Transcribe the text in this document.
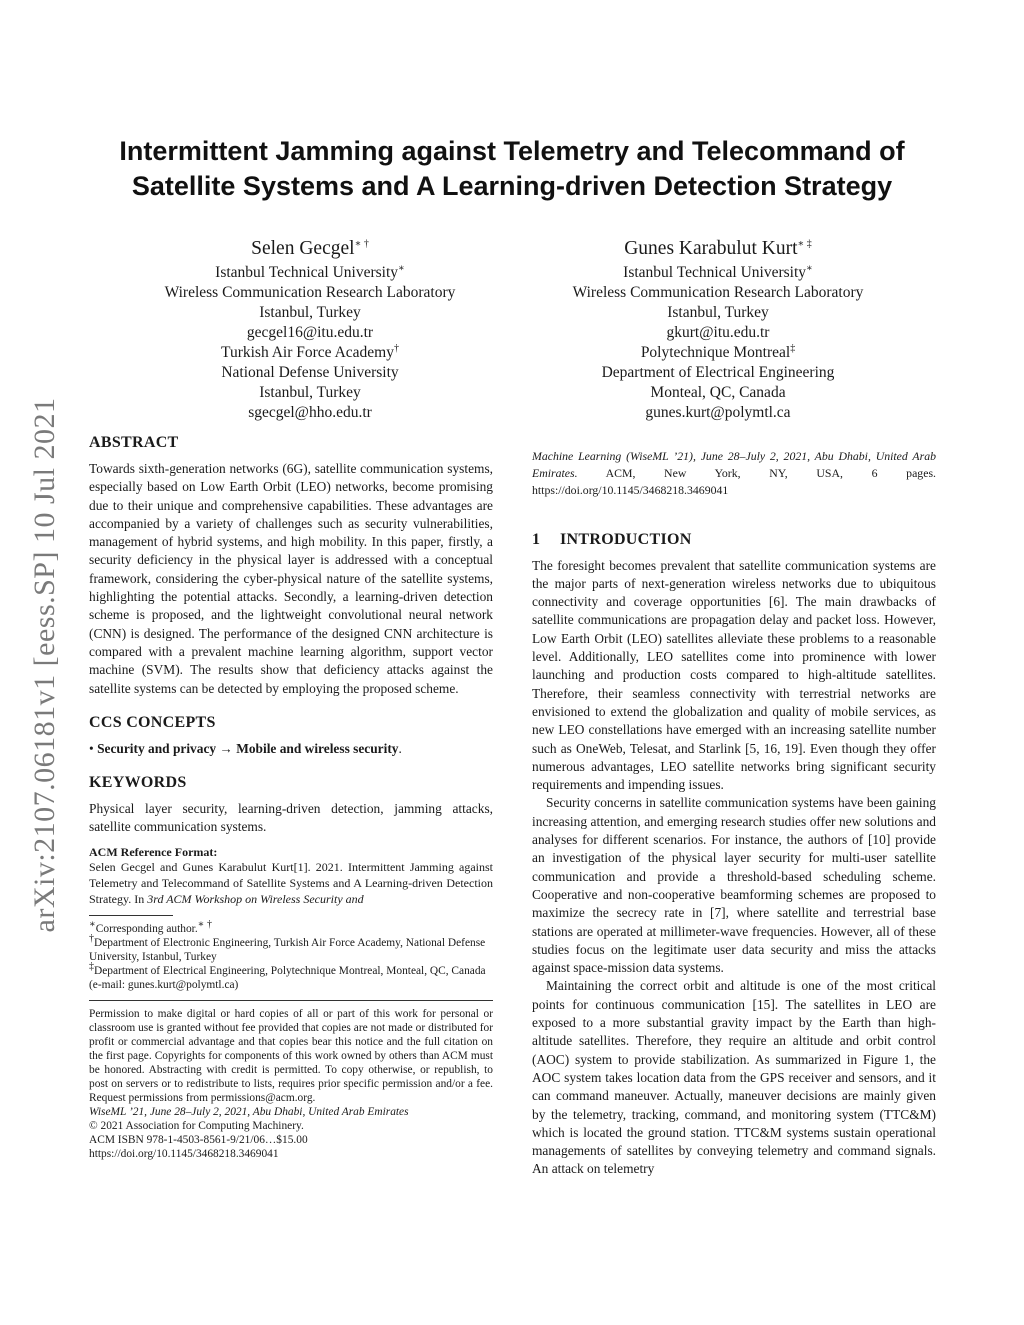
arXiv:2107.06181v1 [eess.SP] 10 Jul 2021
Intermittent Jamming against Telemetry and Telecommand of Satellite Systems and A Learning-driven Detection Strategy
Selen Gecgel∗ †
Istanbul Technical University∗
Wireless Communication Research Laboratory
Istanbul, Turkey
gecgel16@itu.edu.tr
Turkish Air Force Academy†
National Defense University
Istanbul, Turkey
sgecgel@hho.edu.tr
Gunes Karabulut Kurt∗ ‡
Istanbul Technical University∗
Wireless Communication Research Laboratory
Istanbul, Turkey
gkurt@itu.edu.tr
Polytechnique Montreal‡
Department of Electrical Engineering
Monteal, QC, Canada
gunes.kurt@polymtl.ca
ABSTRACT

Towards sixth-generation networks (6G), satellite communication systems, especially based on Low Earth Orbit (LEO) networks, become promising due to their unique and comprehensive capabilities. These advantages are accompanied by a variety of challenges such as security vulnerabilities, management of hybrid systems, and high mobility. In this paper, firstly, a security deficiency in the physical layer is addressed with a conceptual framework, considering the cyber-physical nature of the satellite systems, highlighting the potential attacks. Secondly, a learning-driven detection scheme is proposed, and the lightweight convolutional neural network (CNN) is designed. The performance of the designed CNN architecture is compared with a prevalent machine learning algorithm, support vector machine (SVM). The results show that deficiency attacks against the satellite systems can be detected by employing the proposed scheme.

CCS CONCEPTS

• Security and privacy → Mobile and wireless security.

KEYWORDS

Physical layer security, learning-driven detection, jamming attacks, satellite communication systems.

ACM Reference Format:

Selen Gecgel and Gunes Karabulut Kurt[1]. 2021. Intermittent Jamming against Telemetry and Telecommand of Satellite Systems and A Learning-driven Detection Strategy. In 3rd ACM Workshop on Wireless Security and

∗Corresponding author.∗ †
†Department of Electronic Engineering, Turkish Air Force Academy, National Defense University, Istanbul, Turkey
‡Department of Electrical Engineering, Polytechnique Montreal, Monteal, QC, Canada (e-mail: gunes.kurt@polymtl.ca)
Permission to make digital or hard copies of all or part of this work for personal or classroom use is granted without fee provided that copies are not made or distributed for profit or commercial advantage and that copies bear this notice and the full citation on the first page. Copyrights for components of this work owned by others than ACM must be honored. Abstracting with credit is permitted. To copy otherwise, or republish, to post on servers or to redistribute to lists, requires prior specific permission and/or a fee. Request permissions from permissions@acm.org.
WiseML ’21, June 28–July 2, 2021, Abu Dhabi, United Arab Emirates
© 2021 Association for Computing Machinery.
ACM ISBN 978-1-4503-8561-9/21/06…$15.00
https://doi.org/10.1145/3468218.3469041

Machine Learning (WiseML ’21), June 28–July 2, 2021, Abu Dhabi, United Arab Emirates. ACM, New York, NY, USA, 6 pages. https://doi.org/10.1145/3468218.3469041

1 INTRODUCTION

The foresight becomes prevalent that satellite communication systems are the major parts of next-generation wireless networks due to ubiquitous connectivity and coverage opportunities [6]. The main drawbacks of satellite communications are propagation delay and packet loss. However, Low Earth Orbit (LEO) satellites alleviate these problems to a reasonable level. Additionally, LEO satellites come into prominence with lower launching and production costs compared to high-altitude satellites. Therefore, their seamless connectivity with terrestrial networks are envisioned to extend the globalization and quality of mobile services, as new LEO constellations have emerged with an increasing satellite number such as OneWeb, Telesat, and Starlink [5, 16, 19]. Even though they offer numerous advantages, LEO satellite networks bring significant security requirements and impending issues.

Security concerns in satellite communication systems have been gaining increasing attention, and emerging research studies offer new solutions and analyses for different scenarios. For instance, the authors of [10] provide an investigation of the physical layer security for multi-user satellite communication and provide a threshold-based scheduling scheme. Cooperative and non-cooperative beamforming schemes are proposed to maximize the secrecy rate in [7], where satellite and terrestrial base stations are operated at millimeter-wave frequencies. However, all of these studies focus on the legitimate user data security and miss the attacks against space-mission data systems.

Maintaining the correct orbit and altitude is one of the most critical points for continuous communication [15]. The satellites in LEO are exposed to a more substantial gravity impact by the Earth than high-altitude satellites. Therefore, they require an altitude and orbit control (AOC) system to provide stabilization. As summarized in Figure 1, the AOC system takes location data from the GPS receiver and sensors, and it can command maneuver. Actually, maneuver decisions are mainly given by the telemetry, tracking, command, and monitoring system (TTC&M) which is located the ground station. TTC&M systems sustain operational managements of satellites by conveying telemetry and command signals. An attack on telemetry
